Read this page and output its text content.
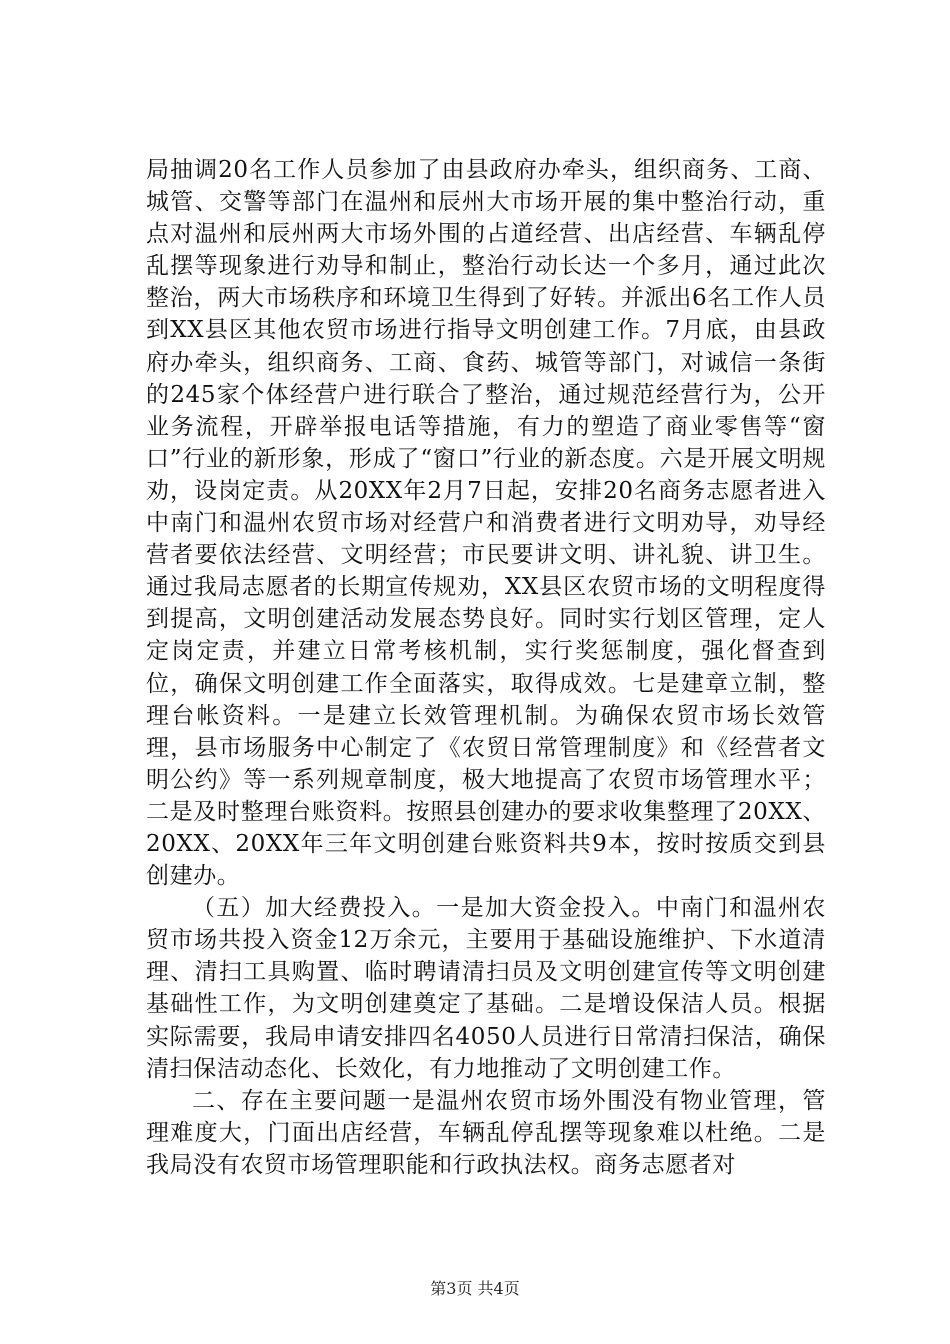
局抽调20名工作人员参加了由县政府办牵头，组织商务、工商、城管、交警等部门在温州和辰州大市场开展的集中整治行动，重点对温州和辰州两大市场外围的占道经营、出店经营、车辆乱停乱摆等现象进行劝导和制止，整治行动长达一个多月，通过此次整治，两大市场秩序和环境卫生得到了好转。并派出6名工作人员到XX县区其他农贸市场进行指导文明创建工作。7月底，由县政府办牵头，组织商务、工商、食药、城管等部门，对诚信一条街的245家个体经营户进行联合了整治，通过规范经营行为，公开业务流程，开辟举报电话等措施，有力的塑造了商业零售等“窗口”行业的新形象，形成了“窗口”行业的新态度。六是开展文明规劝，设岗定责。从20XX年2月7日起，安排20名商务志愿者进入中南门和温州农贸市场对经营户和消费者进行文明劝导，劝导经营者要依法经营、文明经营；市民要讲文明、讲礼貌、讲卫生。通过我局志愿者的长期宣传规劝，XX县区农贸市场的文明程度得到提高，文明创建活动发展态势良好。同时实行划区管理，定人定岗定责，并建立日常考核机制，实行奖惩制度，强化督查到位，确保文明创建工作全面落实，取得成效。七是建章立制，整理台帐资料。一是建立长效管理机制。为确保农贸市场长效管理，县市场服务中心制定了《农贸日常管理制度》和《经营者文明公约》等一系列规章制度，极大地提高了农贸市场管理水平；二是及时整理台账资料。按照县创建办的要求收集整理了20XX、20XX、20XX年三年文明创建台账资料共9本，按时按质交到县创建办。

（五）加大经费投入。一是加大资金投入。中南门和温州农贸市场共投入资金12万余元，主要用于基础设施维护、下水道清理、清扫工具购置、临时聘请清扫员及文明创建宣传等文明创建基础性工作，为文明创建奠定了基础。二是增设保洁人员。根据实际需要，我局申请安排四名4050人员进行日常清扫保洁，确保清扫保洁动态化、长效化，有力地推动了文明创建工作。

二、存在主要问题一是温州农贸市场外围没有物业管理，管理难度大，门面出店经营，车辆乱停乱摆等现象难以杜绝。二是我局没有农贸市场管理职能和行政执法权。商务志愿者对

第3页 共4页
